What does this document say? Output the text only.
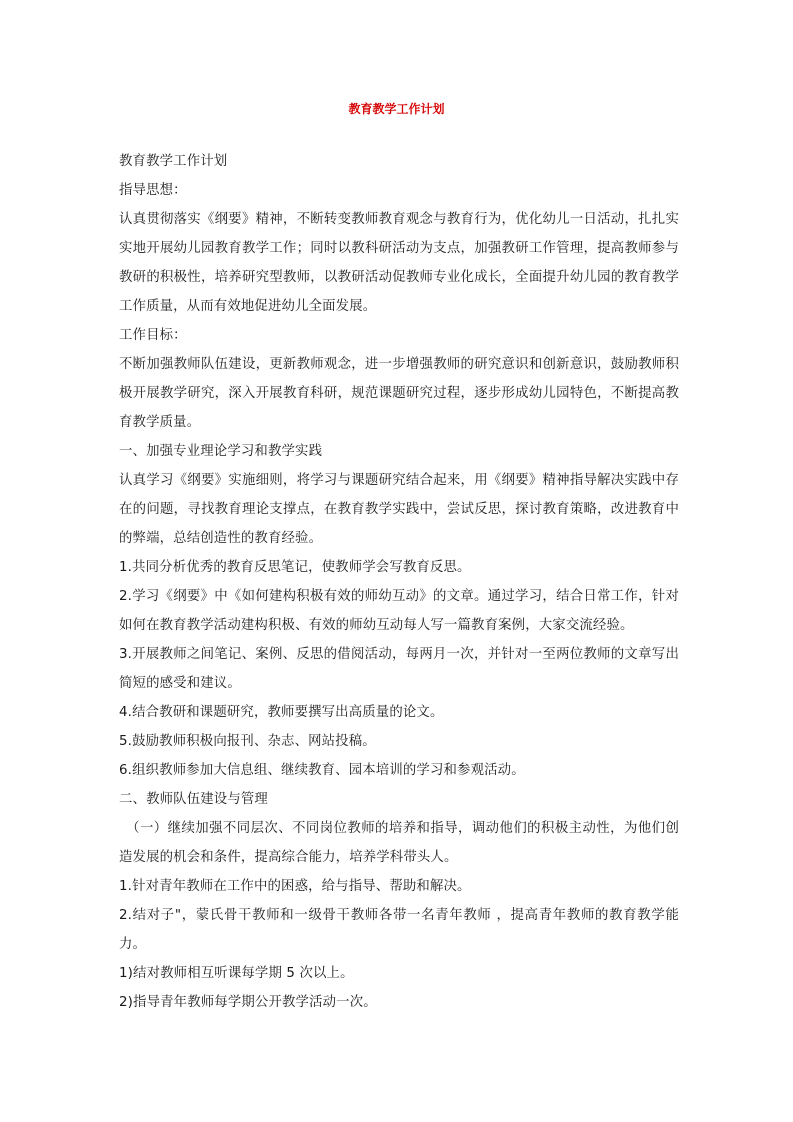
教育教学工作计划

教育教学工作计划

指导思想：

认真贯彻落实《纲要》精神，不断转变教师教育观念与教育行为，优化幼儿一日活动，扎扎实实地开展幼儿园教育教学工作；同时以教科研活动为支点，加强教研工作管理，提高教师参与教研的积极性，培养研究型教师，以教研活动促教师专业化成长，全面提升幼儿园的教育教学工作质量，从而有效地促进幼儿全面发展。

工作目标：

不断加强教师队伍建设，更新教师观念，进一步增强教师的研究意识和创新意识，鼓励教师积极开展教学研究，深入开展教育科研，规范课题研究过程，逐步形成幼儿园特色，不断提高教育教学质量。

一、加强专业理论学习和教学实践

认真学习《纲要》实施细则，将学习与课题研究结合起来，用《纲要》精神指导解决实践中存在的问题，寻找教育理论支撑点，在教育教学实践中，尝试反思，探讨教育策略，改进教育中的弊端，总结创造性的教育经验。

1.共同分析优秀的教育反思笔记，使教师学会写教育反思。

2.学习《纲要》中《如何建构积极有效的师幼互动》的文章。通过学习，结合日常工作，针对如何在教育教学活动建构积极、有效的师幼互动每人写一篇教育案例，大家交流经验。

3.开展教师之间笔记、案例、反思的借阅活动，每两月一次，并针对一至两位教师的文章写出简短的感受和建议。

4.结合教研和课题研究，教师要撰写出高质量的论文。

5.鼓励教师积极向报刊、杂志、网站投稿。

6.组织教师参加大信息组、继续教育、园本培训的学习和参观活动。

二、教师队伍建设与管理

　（一）继续加强不同层次、不同岗位教师的培养和指导，调动他们的积极主动性，为他们创造发展的机会和条件，提高综合能力，培养学科带头人。

1.针对青年教师在工作中的困惑，给与指导、帮助和解决。

2.结对子"，蒙氏骨干教师和一级骨干教师各带一名青年教师 ，提高青年教师的教育教学能力。

1)结对教师相互听课每学期 5 次以上。

2)指导青年教师每学期公开教学活动一次。
